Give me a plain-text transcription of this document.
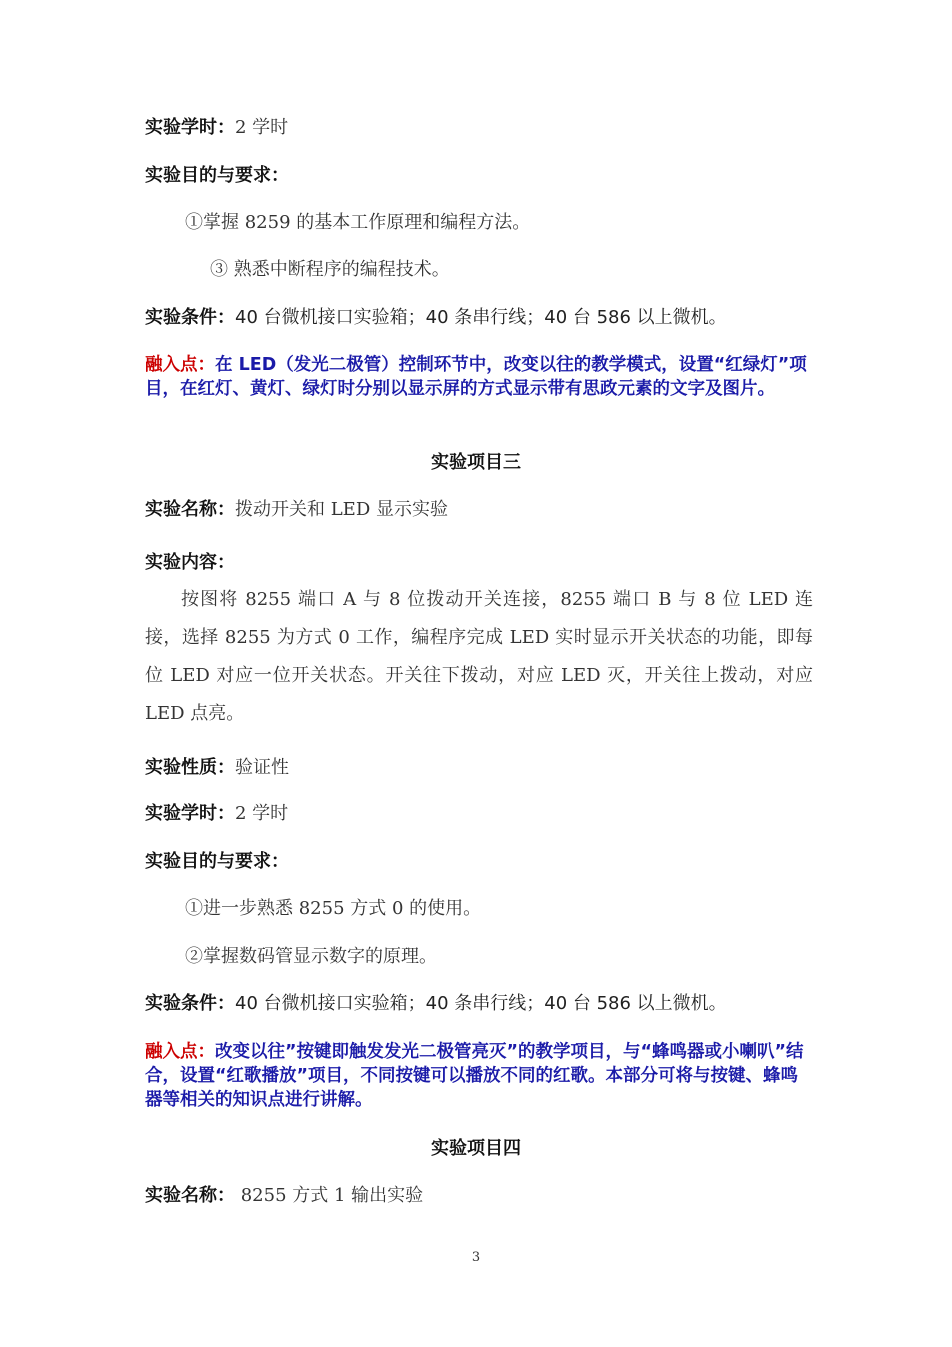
实验学时：2 学时
实验目的与要求：
①掌握 8259 的基本工作原理和编程方法。
③ 熟悉中断程序的编程技术。
实验条件：40 台微机接口实验箱；40 条串行线；40 台 586 以上微机。
融入点：在 LED（发光二极管）控制环节中，改变以往的教学模式，设置“红绿灯”项目，在红灯、黄灯、绿灯时分别以显示屏的方式显示带有思政元素的文字及图片。
实验项目三
实验名称：拨动开关和 LED 显示实验
实验内容：
按图将 8255 端口 A 与 8 位拨动开关连接，8255 端口 B 与 8 位 LED 连接，选择 8255 为方式 0 工作，编程序完成 LED 实时显示开关状态的功能，即每位 LED 对应一位开关状态。开关往下拨动，对应 LED 灭，开关往上拨动，对应 LED 点亮。
实验性质：验证性
实验学时：2 学时
实验目的与要求：
①进一步熟悉 8255 方式 0 的使用。
②掌握数码管显示数字的原理。
实验条件：40 台微机接口实验箱；40 条串行线；40 台 586 以上微机。
融入点：改变以往”按键即触发发光二极管亮灭”的教学项目，与“蜂鸣器或小喇叭”结合，设置“红歌播放”项目，不同按键可以播放不同的红歌。本部分可将与按键、蜂鸣器等相关的知识点进行讲解。
实验项目四
实验名称： 8255 方式 1 输出实验
3
